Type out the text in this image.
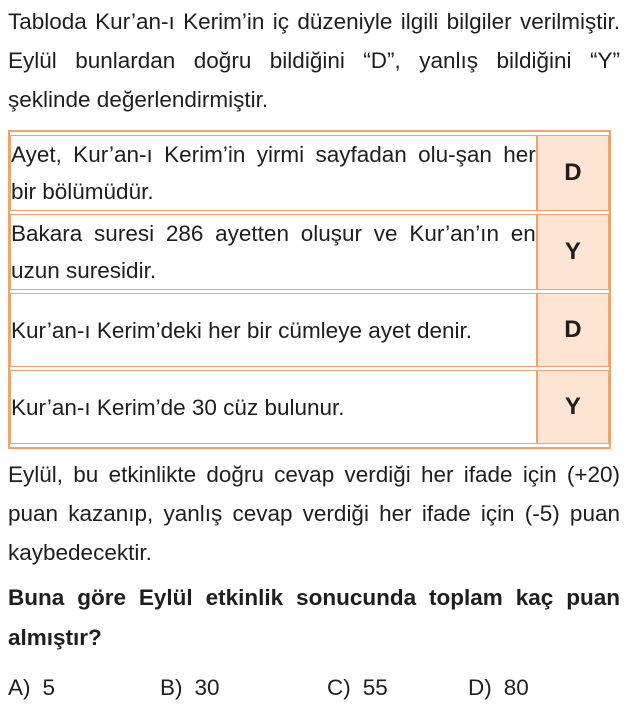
Tabloda Kur’an-ı Kerim’in iç düzeniyle ilgili bilgiler verilmiştir. Eylül bunlardan doğru bildiğini “D”, yanlış bildiğini “Y” şeklinde değerlendirmiştir.
Ayet, Kur’an-ı Kerim’in yirmi sayfadan olu-şan her bir bölümüdür.	D
Bakara suresi 286 ayetten oluşur ve Kur’an’ın en uzun suresidir.	Y
Kur’an-ı Kerim’deki her bir cümleye ayet denir.	D
Kur’an-ı Kerim’de 30 cüz bulunur.	Y
Eylül, bu etkinlikte doğru cevap verdiği her ifade için (+20) puan kazanıp, yanlış cevap verdiği her ifade için (-5) puan kaybedecektir.
Buna göre Eylül etkinlik sonucunda toplam kaç puan almıştır?
A) 5	B) 30	C) 55	D) 80
